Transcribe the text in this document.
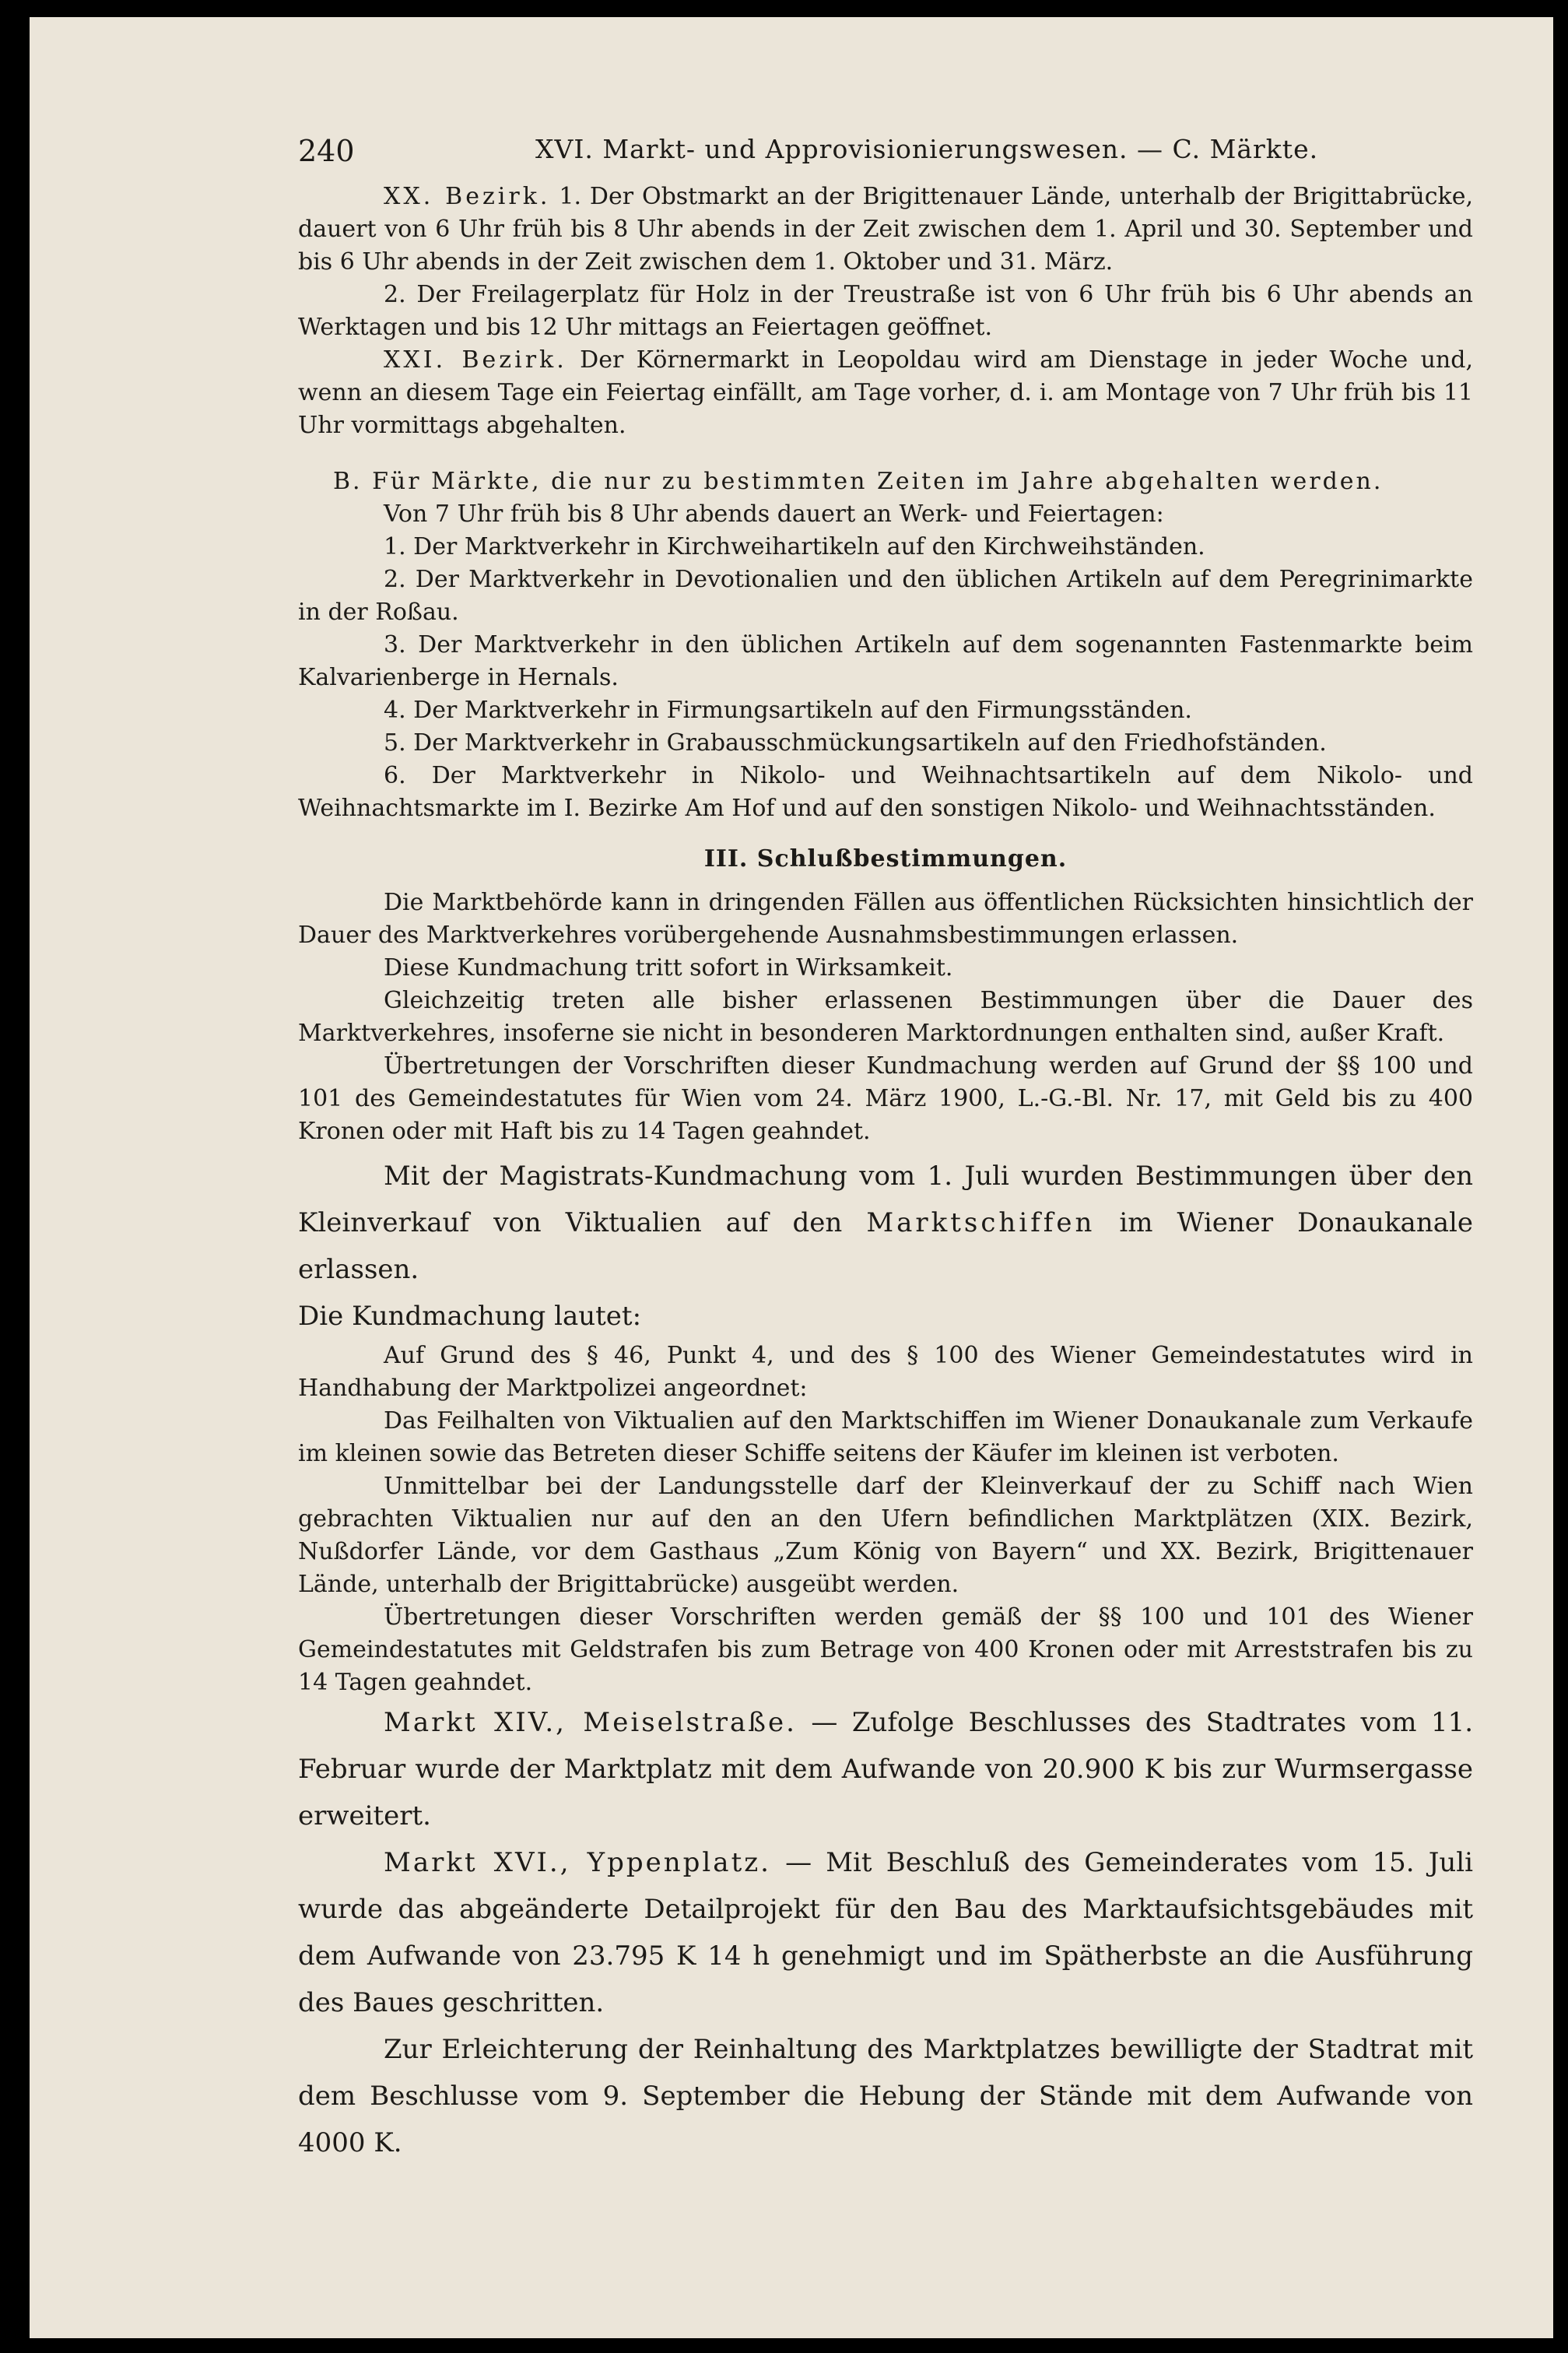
240	XVI. Markt- und Approvisionierungswesen. — C. Märkte.

XX. Bezirk. 1. Der Obstmarkt an der Brigittenauer Lände, unterhalb der Brigittabrücke, dauert von 6 Uhr früh bis 8 Uhr abends in der Zeit zwischen dem 1. April und 30. September und bis 6 Uhr abends in der Zeit zwischen dem 1. Oktober und 31. März.

2. Der Freilagerplatz für Holz in der Treustraße ist von 6 Uhr früh bis 6 Uhr abends an Werktagen und bis 12 Uhr mittags an Feiertagen geöffnet.

XXI. Bezirk. Der Körnermarkt in Leopoldau wird am Dienstage in jeder Woche und, wenn an diesem Tage ein Feiertag einfällt, am Tage vorher, d. i. am Montage von 7 Uhr früh bis 11 Uhr vormittags abgehalten.

B. Für Märkte, die nur zu bestimmten Zeiten im Jahre abgehalten werden.

Von 7 Uhr früh bis 8 Uhr abends dauert an Werk- und Feiertagen:

1. Der Marktverkehr in Kirchweihartikeln auf den Kirchweihständen.

2. Der Marktverkehr in Devotionalien und den üblichen Artikeln auf dem Peregrinimarkte in der Roßau.

3. Der Marktverkehr in den üblichen Artikeln auf dem sogenannten Fastenmarkte beim Kalvarienberge in Hernals.

4. Der Marktverkehr in Firmungsartikeln auf den Firmungsständen.

5. Der Marktverkehr in Grabausschmückungsartikeln auf den Friedhofständen.

6. Der Marktverkehr in Nikolo- und Weihnachtsartikeln auf dem Nikolo- und Weihnachtsmarkte im I. Bezirke Am Hof und auf den sonstigen Nikolo- und Weihnachtsständen.

III. Schlußbestimmungen.

Die Marktbehörde kann in dringenden Fällen aus öffentlichen Rücksichten hinsichtlich der Dauer des Marktverkehres vorübergehende Ausnahmsbestimmungen erlassen.

Diese Kundmachung tritt sofort in Wirksamkeit.

Gleichzeitig treten alle bisher erlassenen Bestimmungen über die Dauer des Marktverkehres, insoferne sie nicht in besonderen Marktordnungen enthalten sind, außer Kraft.

Übertretungen der Vorschriften dieser Kundmachung werden auf Grund der §§ 100 und 101 des Gemeindestatutes für Wien vom 24. März 1900, L.-G.-Bl. Nr. 17, mit Geld bis zu 400 Kronen oder mit Haft bis zu 14 Tagen geahndet.

Mit der Magistrats-Kundmachung vom 1. Juli wurden Bestimmungen über den Kleinverkauf von Viktualien auf den Marktschiffen im Wiener Donaukanale erlassen.

Die Kundmachung lautet:

Auf Grund des § 46, Punkt 4, und des § 100 des Wiener Gemeindestatutes wird in Handhabung der Marktpolizei angeordnet:

Das Feilhalten von Viktualien auf den Marktschiffen im Wiener Donaukanale zum Verkaufe im kleinen sowie das Betreten dieser Schiffe seitens der Käufer im kleinen ist verboten.

Unmittelbar bei der Landungsstelle darf der Kleinverkauf der zu Schiff nach Wien gebrachten Viktualien nur auf den an den Ufern befindlichen Marktplätzen (XIX. Bezirk, Nußdorfer Lände, vor dem Gasthaus „Zum König von Bayern“ und XX. Bezirk, Brigittenauer Lände, unterhalb der Brigittabrücke) ausgeübt werden.

Übertretungen dieser Vorschriften werden gemäß der §§ 100 und 101 des Wiener Gemeindestatutes mit Geldstrafen bis zum Betrage von 400 Kronen oder mit Arreststrafen bis zu 14 Tagen geahndet.

Markt XIV., Meiselstraße. — Zufolge Beschlusses des Stadtrates vom 11. Februar wurde der Marktplatz mit dem Aufwande von 20.900 K bis zur Wurmsergasse erweitert.

Markt XVI., Yppenplatz. — Mit Beschluß des Gemeinderates vom 15. Juli wurde das abgeänderte Detailprojekt für den Bau des Marktaufsichtsgebäudes mit dem Aufwande von 23.795 K 14 h genehmigt und im Spätherbste an die Ausführung des Baues geschritten.

Zur Erleichterung der Reinhaltung des Marktplatzes bewilligte der Stadtrat mit dem Beschlusse vom 9. September die Hebung der Stände mit dem Aufwande von 4000 K.
